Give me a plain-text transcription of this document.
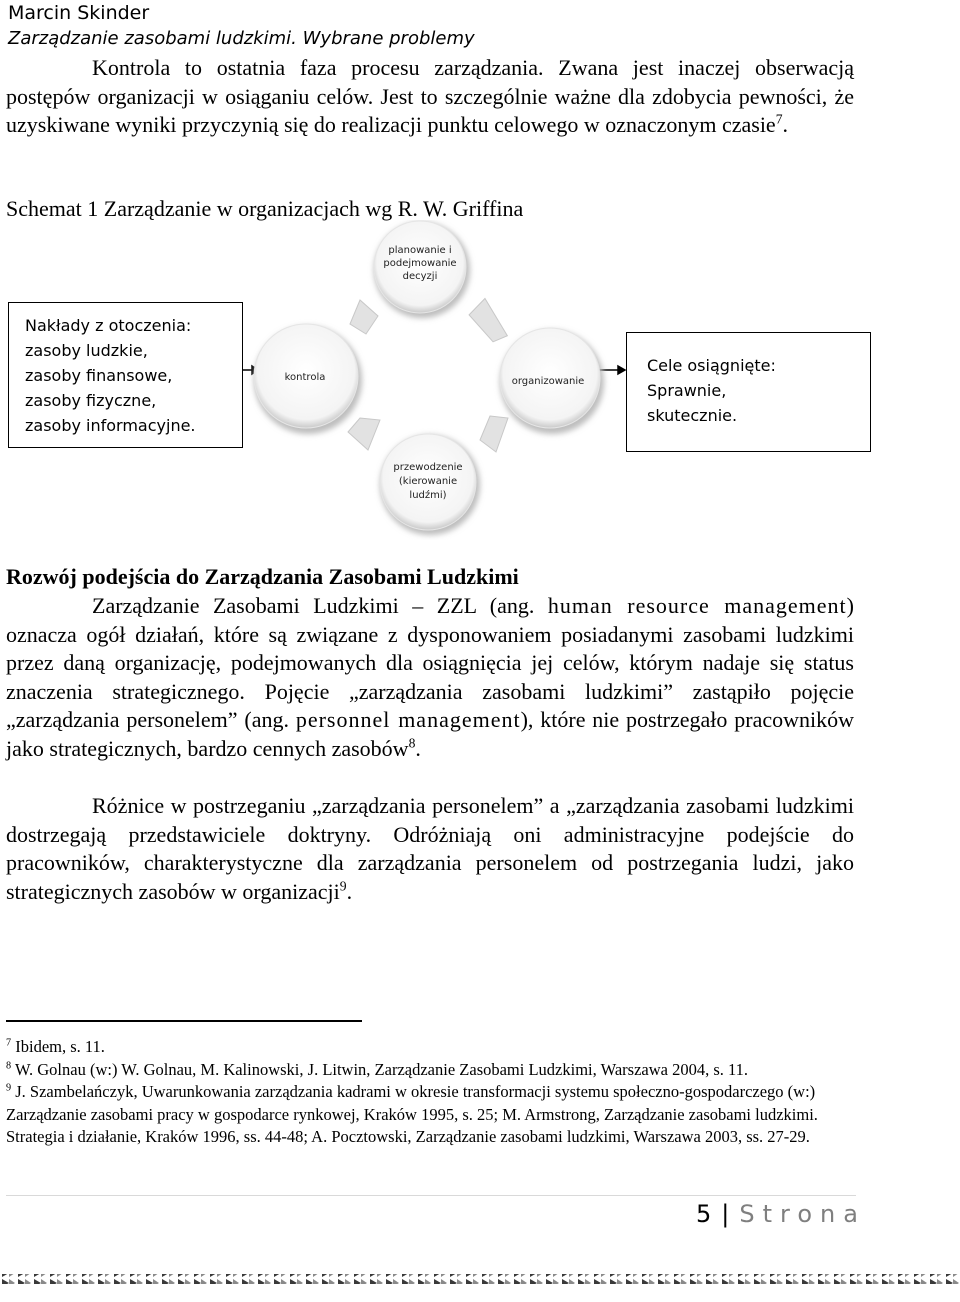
Marcin Skinder
Zarządzanie zasobami ludzkimi. Wybrane problemy

Kontrola to ostatnia faza procesu zarządzania. Zwana jest inaczej obserwacją postępów organizacji w osiąganiu celów. Jest to szczególnie ważne dla zdobycia pewności, że uzyskiwane wyniki przyczynią się do realizacji punktu celowego w oznaczonym czasie$^7$.

Schemat 1 Zarządzanie w organizacjach wg R. W. Griffina
planowanie i
podejmowanie
decyzji
kontrola	organizowanie
przewodzenie
(kierowanie
ludźmi)
Nakłady z otoczenia:
zasoby ludzkie,
zasoby finansowe,
zasoby fizyczne,
zasoby informacyjne.
Cele osiągnięte:
Sprawnie,
skutecznie.
Rozwój podejścia do Zarządzania Zasobami Ludzkimi

Zarządzanie Zasobami Ludzkimi – ZZL (ang. human resource management) oznacza ogół działań, które są związane z dysponowaniem posiadanymi zasobami ludzkimi przez daną organizację, podejmowanych dla osiągnięcia jej celów, którym nadaje się status znaczenia strategicznego. Pojęcie „zarządzania zasobami ludzkimi” zastąpiło pojęcie „zarządzania personelem” (ang. personnel management), które nie postrzegało pracowników jako strategicznych, bardzo cennych zasobów$^8$.

Różnice w postrzeganiu „zarządzania personelem” a „zarządzania zasobami ludzkimi dostrzegają przedstawiciele doktryny. Odróżniają oni administracyjne podejście do pracowników, charakterystyczne dla zarządzania personelem od postrzegania ludzi, jako strategicznych zasobów w organizacji$^9$.

$^7$ Ibidem, s. 11.

$^8$ W. Golnau (w:) W. Golnau, M. Kalinowski, J. Litwin, Zarządzanie Zasobami Ludzkimi, Warszawa 2004, s. 11.

$^9$ J. Szambelańczyk, Uwarunkowania zarządzania kadrami w okresie transformacji systemu społeczno-gospodarczego (w:) Zarządzanie zasobami pracy w gospodarce rynkowej, Kraków 1995, s. 25; M. Armstrong, Zarządzanie zasobami ludzkimi. Strategia i działanie, Kraków 1996, ss. 44-48; A. Pocztowski, Zarządzanie zasobami ludzkimi, Warszawa 2003, ss. 27-29.

5 | Strona
